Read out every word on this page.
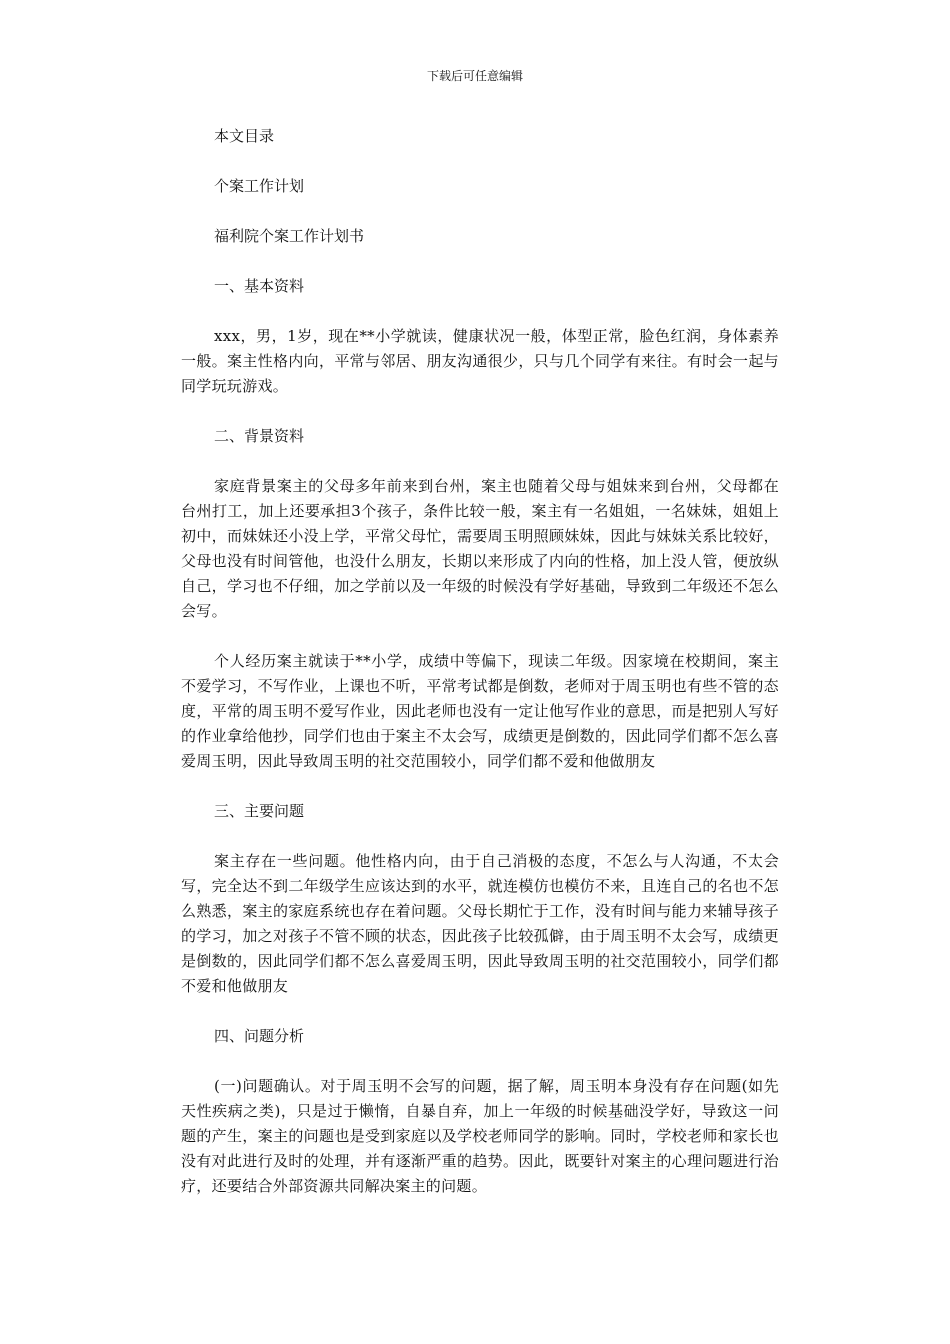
下载后可任意编辑

本文目录

个案工作计划

福利院个案工作计划书

一、基本资料

xxx，男，1岁，现在**小学就读，健康状况一般，体型正常，脸色红润，身体素养一般。案主性格内向，平常与邻居、朋友沟通很少，只与几个同学有来往。有时会一起与同学玩玩游戏。

二、背景资料

家庭背景案主的父母多年前来到台州，案主也随着父母与姐妹来到台州，父母都在台州打工，加上还要承担3个孩子，条件比较一般，案主有一名姐姐，一名妹妹，姐姐上初中，而妹妹还小没上学，平常父母忙，需要周玉明照顾妹妹，因此与妹妹关系比较好，父母也没有时间管他，也没什么朋友，长期以来形成了内向的性格，加上没人管，便放纵自己，学习也不仔细，加之学前以及一年级的时候没有学好基础，导致到二年级还不怎么会写。

个人经历案主就读于**小学，成绩中等偏下，现读二年级。因家境在校期间，案主不爱学习，不写作业，上课也不听，平常考试都是倒数，老师对于周玉明也有些不管的态度，平常的周玉明不爱写作业，因此老师也没有一定让他写作业的意思，而是把别人写好的作业拿给他抄，同学们也由于案主不太会写，成绩更是倒数的，因此同学们都不怎么喜爱周玉明，因此导致周玉明的社交范围较小，同学们都不爱和他做朋友

三、主要问题

案主存在一些问题。他性格内向，由于自己消极的态度，不怎么与人沟通，不太会写，完全达不到二年级学生应该达到的水平，就连模仿也模仿不来，且连自己的名也不怎么熟悉，案主的家庭系统也存在着问题。父母长期忙于工作，没有时间与能力来辅导孩子的学习，加之对孩子不管不顾的状态，因此孩子比较孤僻，由于周玉明不太会写，成绩更是倒数的，因此同学们都不怎么喜爱周玉明，因此导致周玉明的社交范围较小，同学们都不爱和他做朋友

四、问题分析

(一)问题确认。对于周玉明不会写的问题，据了解，周玉明本身没有存在问题(如先天性疾病之类)，只是过于懒惰，自暴自弃，加上一年级的时候基础没学好，导致这一问题的产生，案主的问题也是受到家庭以及学校老师同学的影响。同时，学校老师和家长也没有对此进行及时的处理，并有逐渐严重的趋势。因此，既要针对案主的心理问题进行治疗，还要结合外部资源共同解决案主的问题。
